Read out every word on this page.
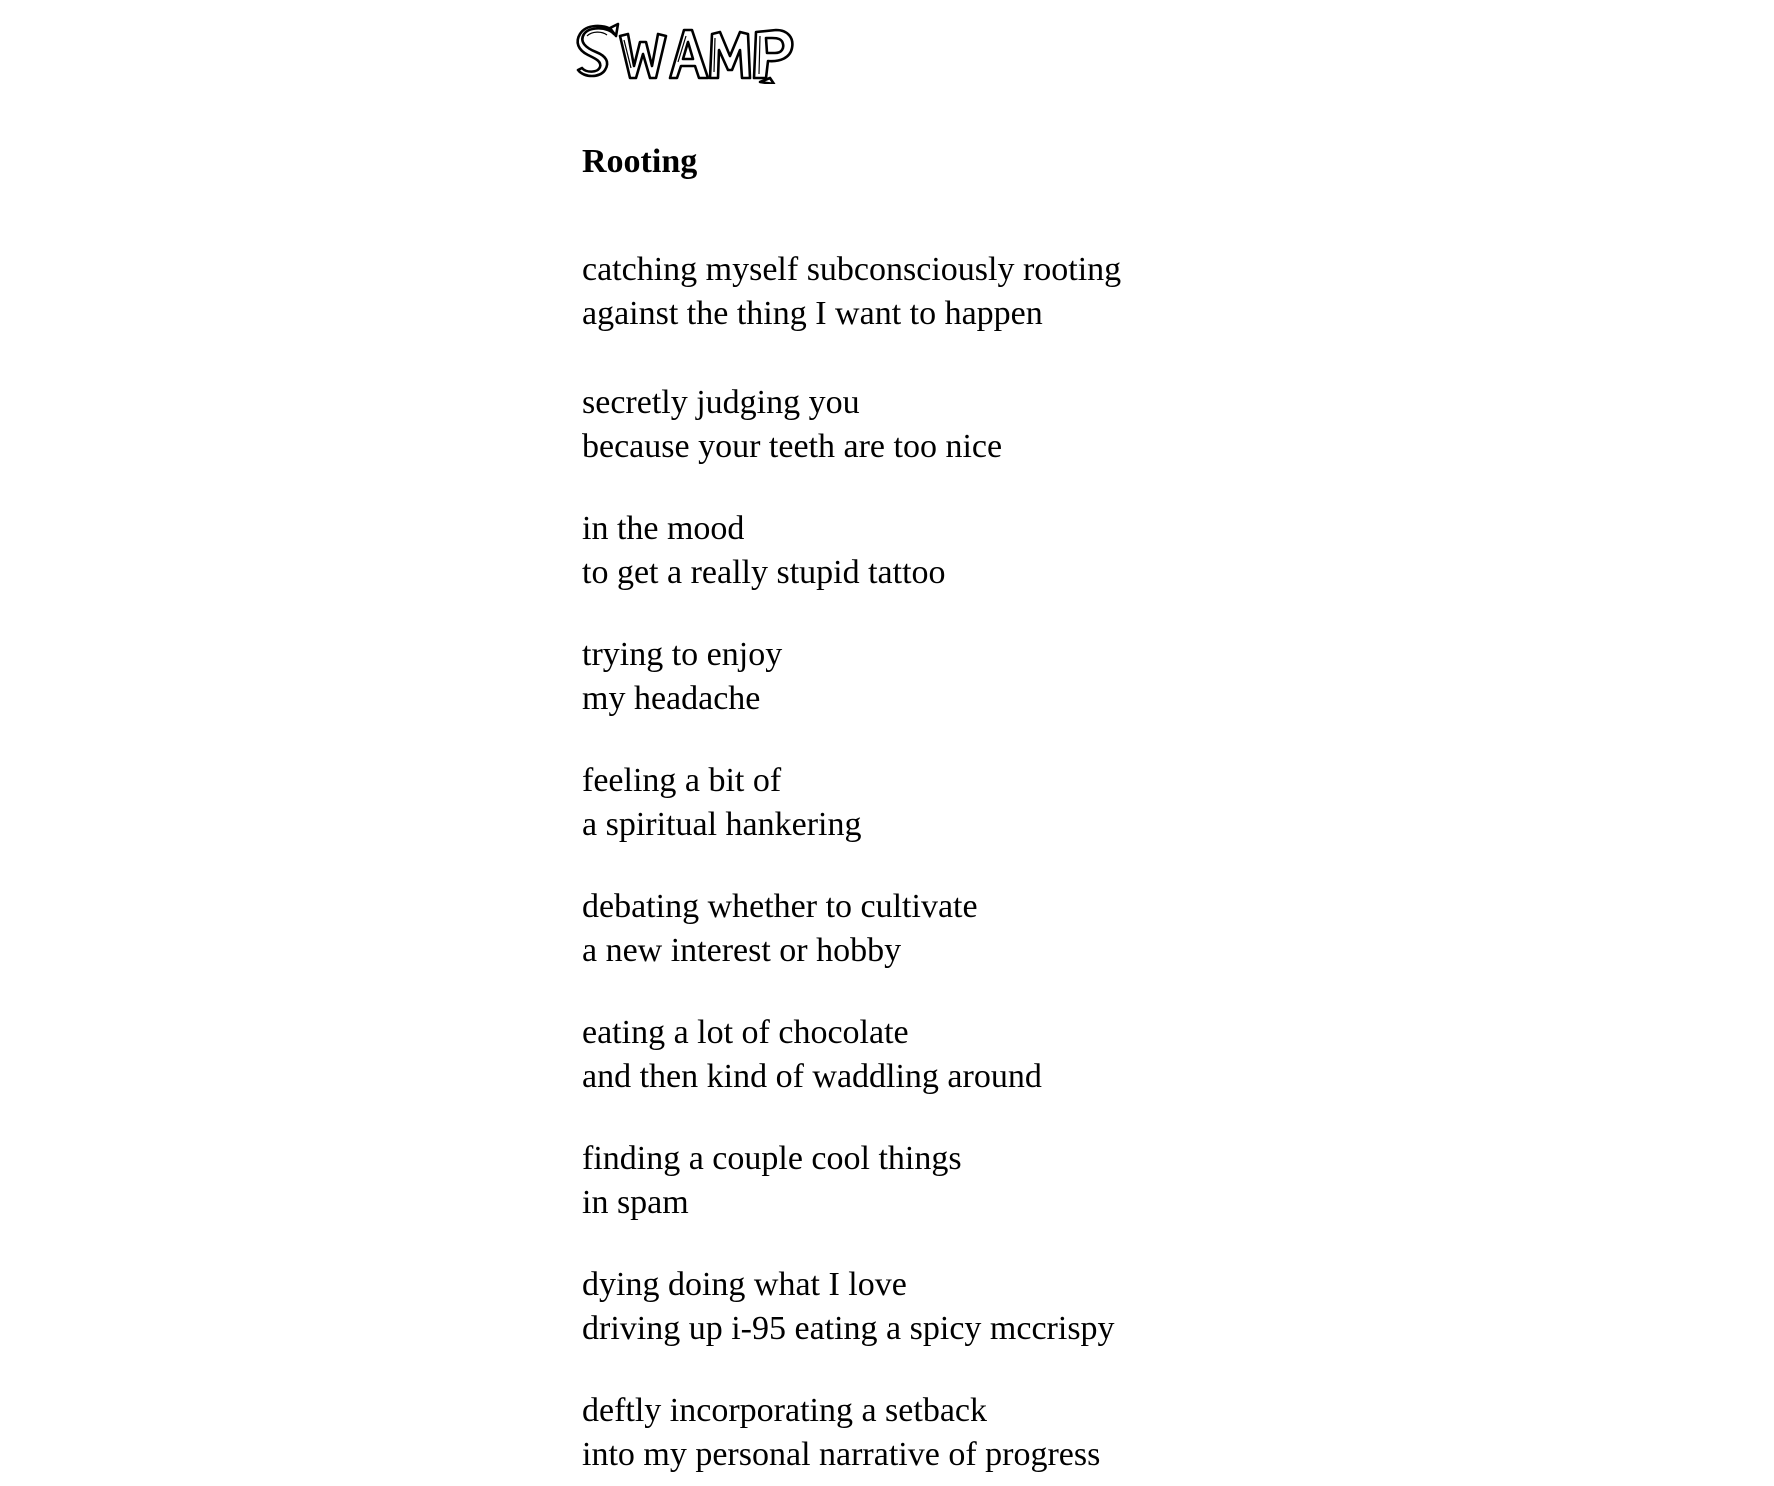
Rooting

catching myself subconsciously rooting
against the thing I want to happen

secretly judging you
because your teeth are too nice

in the mood
to get a really stupid tattoo

trying to enjoy
my headache

feeling a bit of
a spiritual hankering

debating whether to cultivate
a new interest or hobby

eating a lot of chocolate
and then kind of waddling around

finding a couple cool things
in spam

dying doing what I love
driving up i-95 eating a spicy mccrispy

deftly incorporating a setback
into my personal narrative of progress
